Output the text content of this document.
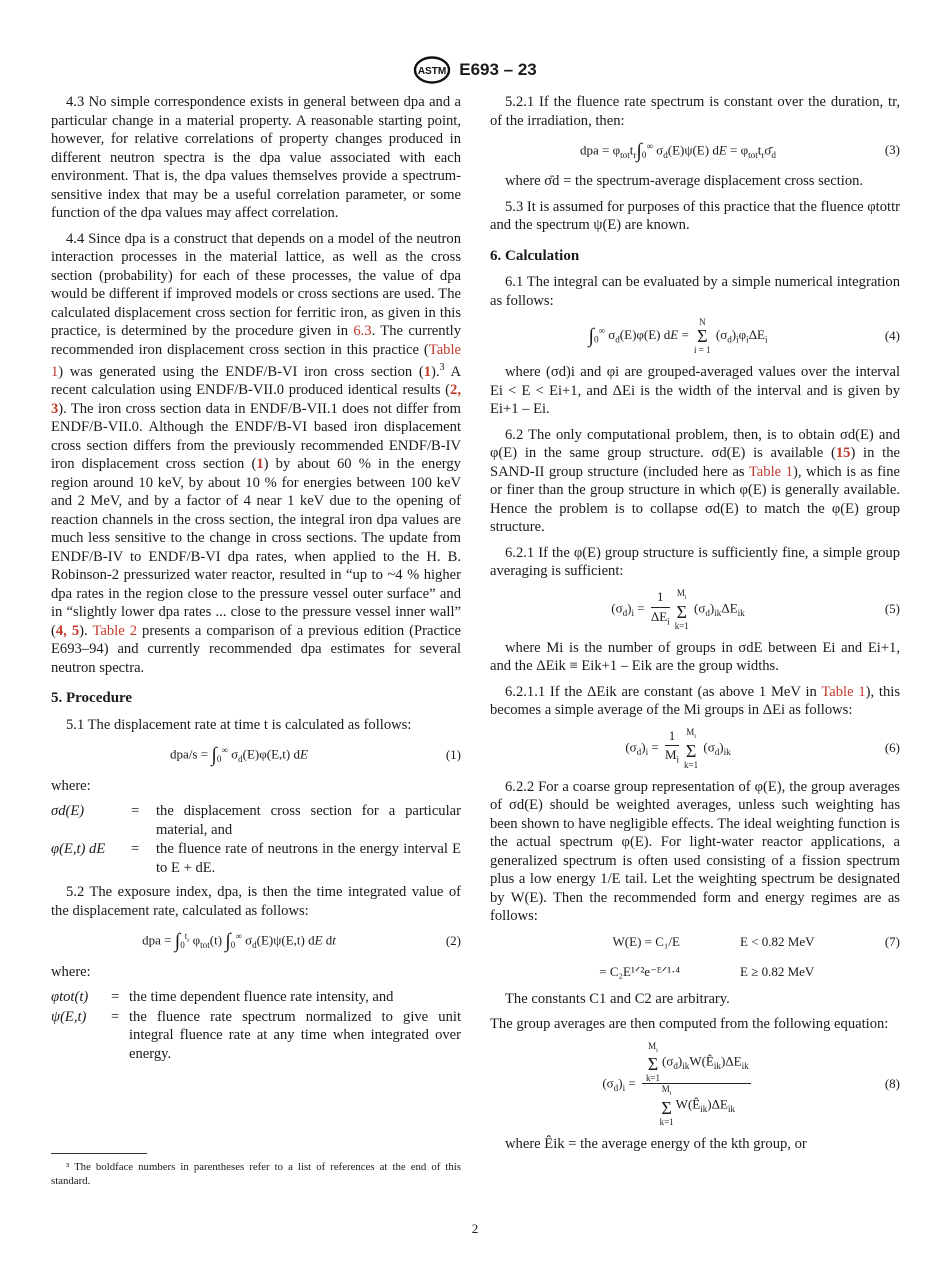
ASTM E693 – 23

4.3 No simple correspondence exists in general between dpa and a particular change in a material property. A reasonable starting point, however, for relative correlations of property changes produced in different neutron spectra is the dpa value associated with each environment. That is, the dpa values themselves provide a spectrum-sensitive index that may be a useful correlation parameter, or some function of the dpa values may affect correlation.

4.4 Since dpa is a construct that depends on a model of the neutron interaction processes in the material lattice, as well as the cross section (probability) for each of these processes, the value of dpa would be different if improved models or cross sections are used. The calculated displacement cross section for ferritic iron, as given in this practice, is determined by the procedure given in 6.3. The currently recommended iron displacement cross section in this practice (Table 1) was generated using the ENDF/B-VI iron cross section (1).$^3$ A recent calculation using ENDF/B-VII.0 produced identical results (2, 3). The iron cross section data in ENDF/B-VII.1 does not differ from ENDF/B-VII.0. Although the ENDF/B-VI based iron displacement cross section differs from the previously recommended ENDF/B-IV iron displacement cross section (1) by about 60 % in the energy region around 10 keV, by about 10 % for energies between 100 keV and 2 MeV, and by a factor of 4 near 1 keV due to the opening of reaction channels in the cross section, the integral iron dpa values are much less sensitive to the change in cross sections. The update from ENDF/B-IV to ENDF/B-VI dpa rates, when applied to the H. B. Robinson-2 pressurized water reactor, resulted in “up to ~4 % higher dpa rates in the region close to the pressure vessel outer surface” and in “slightly lower dpa rates ... close to the pressure vessel inner wall” (4, 5). Table 2 presents a comparison of a previous edition (Practice E693–94) and currently recommended dpa estimates for several neutron spectra.

5. Procedure

5.1 The displacement rate at time t is calculated as follows:

$dpa/s = \int_0^\infty$ $\sigma_d(E)\varphi(E,t)$ dE	(1)

where:

σd(E)	=	the displacement cross section for a particular material, and
φ(E,t) dE	=	the fluence rate of neutrons in the energy interval E to E + dE.

5.2 The exposure index, dpa, is then the time integrated value of the displacement rate, calculated as follows:

dpa = $\int_0^{t_r}$ $\varphi_{tot}(t)$ $\int_0^\infty$ $\sigma_d(E)\psi(E,t)$ dE dt	(2)

where:

φtot(t)	= the time dependent fluence rate intensity, and
ψ(E,t)	= the fluence rate spectrum normalized to give unit integral fluence rate at any time when integrated over energy.
³ The boldface numbers in parentheses refer to a list of references at the end of this standard.

5.2.1 If the fluence rate spectrum is constant over the duration, tr, of the irradiation, then:

dpa = $\varphi_{tot}t_r\int_0^\infty$ $\sigma_d(E)\psi(E)$ dE = $\varphi_{tot}t_r\sigmā_d$	(3)

where σ̄d = the spectrum-average displacement cross section.

5.3 It is assumed for purposes of this practice that the fluence φtottr and the spectrum ψ(E) are known.

6. Calculation

6.1 The integral can be evaluated by a simple numerical integration as follows:

$\int_0^\infty$ $\sigma_d(E)\varphi(E)$ dE =
N
Σ
i = 1
$(\sigma_d)_i\varphi_i\Delta E_i$	(4)

where (σd)i and φi are grouped-averaged values over the interval Ei < E < Ei+1, and ΔEi is the width of the interval and is given by Ei+1 – Ei.

6.2 The only computational problem, then, is to obtain σd(E) and φ(E) in the same group structure. σd(E) is available (15) in the SAND-II group structure (included here as Table 1), which is as fine or finer than the group structure in which φ(E) is generally available. Hence the problem is to collapse σd(E) to match the φ(E) group structure.

6.2.1 If the φ(E) group structure is sufficiently fine, a simple group averaging is sufficient:

$(\sigma_d)_i = \frac{1}{\Delta E_i} M_i$
Σ
k=1
$(\sigma_d)_{ik}\Delta E_{ik}$	(5)

where Mi is the number of groups in σdE between Ei and Ei+1, and the ΔEik ≡ Eik+1 – Eik are the group widths.

6.2.1.1 If the ΔEik are constant (as above 1 MeV in Table 1), this becomes a simple average of the Mi groups in ΔEi as follows:

$(\sigma_d)_i = \frac{1}{M_i} M_i$
Σ
k=1
$(\sigma_d)_{ik}$	(6)

6.2.2 For a coarse group representation of φ(E), the group averages of σd(E) should be weighted averages, unless such weighting has been shown to have negligible effects. The ideal weighting function is the actual spectrum φ(E). For light-water reactor applications, a generalized spectrum is often used consisting of a fission spectrum plus a low energy 1/E tail. Let the weighting spectrum be designated by W(E). Then the recommended form and energy regimes are as follows:

W(E) = C₁/E	E < 0.82 MeV	(7)
= C₂E¹ᐟ²e⁻ᴱᐟ¹·⁴	E ≥ 0.82 MeV

The constants C1 and C2 are arbitrary.

The group averages are then computed from the following equation:

$(\sigma_d)_i = M_i$
Σ
k=1
$(\sigma_d)_{ik}W(Ê_{ik})\Delta E_{ik}$
$M_i$
Σ
k=1
$W(Ê_{ik})\Delta E_{ik}$	(8)

where Êik = the average energy of the kth group, or

2
